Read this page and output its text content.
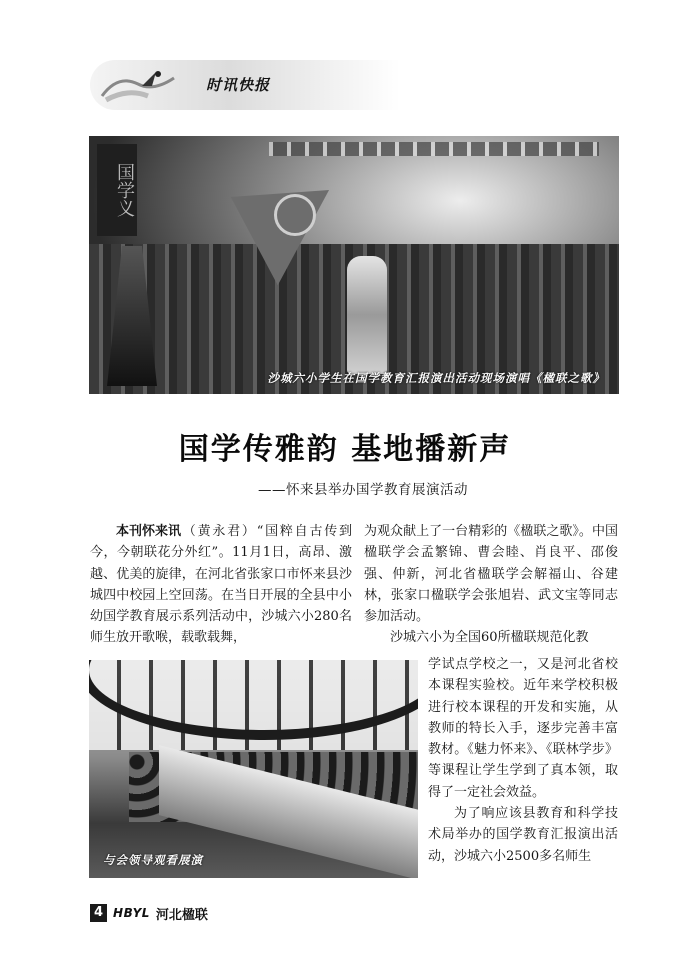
时讯快报
国学义
沙城六小学生在国学教育汇报演出活动现场演唱《楹联之歌》
国学传雅韵 基地播新声
——怀来县举办国学教育展演活动
本刊怀来讯（黄永君）“国粹自古传到今，今朝联花分外红”。11月1日，高昂、激越、优美的旋律，在河北省张家口市怀来县沙城四中校园上空回荡。在当日开展的全县中小幼国学教育展示系列活动中，沙城六小280名师生放开歌喉，载歌载舞，
为观众献上了一台精彩的《楹联之歌》。中国楹联学会孟繁锦、曹会睦、肖良平、邵俊强、仲新，河北省楹联学会解福山、谷建林，张家口楹联学会张旭岩、武文宝等同志参加活动。
沙城六小为全国60所楹联规范化教
学试点学校之一，又是河北省校本课程实验校。近年来学校积极进行校本课程的开发和实施，从教师的特长入手，逐步完善丰富教材。《魅力怀来》、《联林学步》等课程让学生学到了真本领，取得了一定社会效益。
为了响应该县教育和科学技术局举办的国学教育汇报演出活动，沙城六小2500多名师生
与会领导观看展演
4 HBYL 河北楹联
